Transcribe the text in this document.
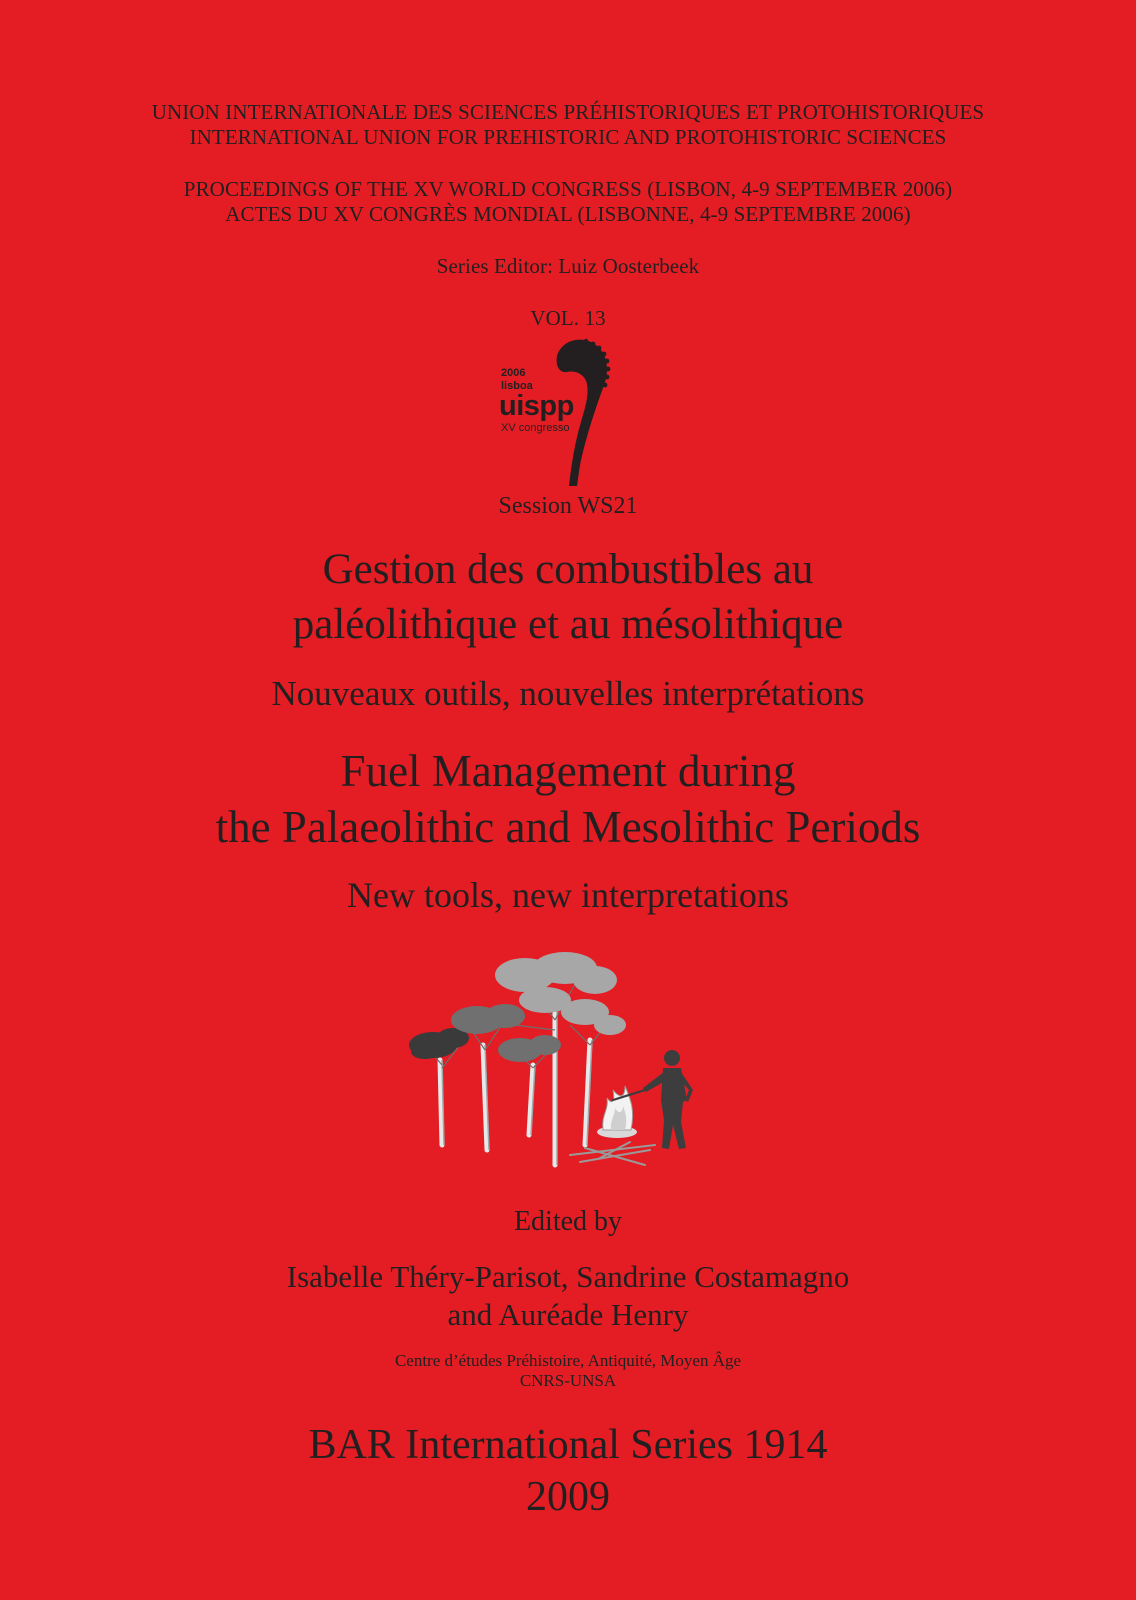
UNION INTERNATIONALE DES SCIENCES PRÉHISTORIQUES ET PROTOHISTORIQUES
INTERNATIONAL UNION FOR PREHISTORIC AND PROTOHISTORIC SCIENCES
PROCEEDINGS OF THE XV WORLD CONGRESS (LISBON, 4-9 SEPTEMBER 2006)
ACTES DU XV CONGRÈS MONDIAL (LISBONNE, 4-9 SEPTEMBRE 2006)
Series Editor: Luiz Oosterbeek
VOL. 13
2006
lisboa
uispp
XV congresso
Session WS21
Gestion des combustibles au
paléolithique et au mésolithique
Nouveaux outils, nouvelles interprétations
Fuel Management during
the Palaeolithic and Mesolithic Periods
New tools, new interpretations
Edited by
Isabelle Théry-Parisot, Sandrine Costamagno
and Auréade Henry
Centre d’études Préhistoire, Antiquité, Moyen Âge
CNRS-UNSA
BAR International Series 1914
2009
